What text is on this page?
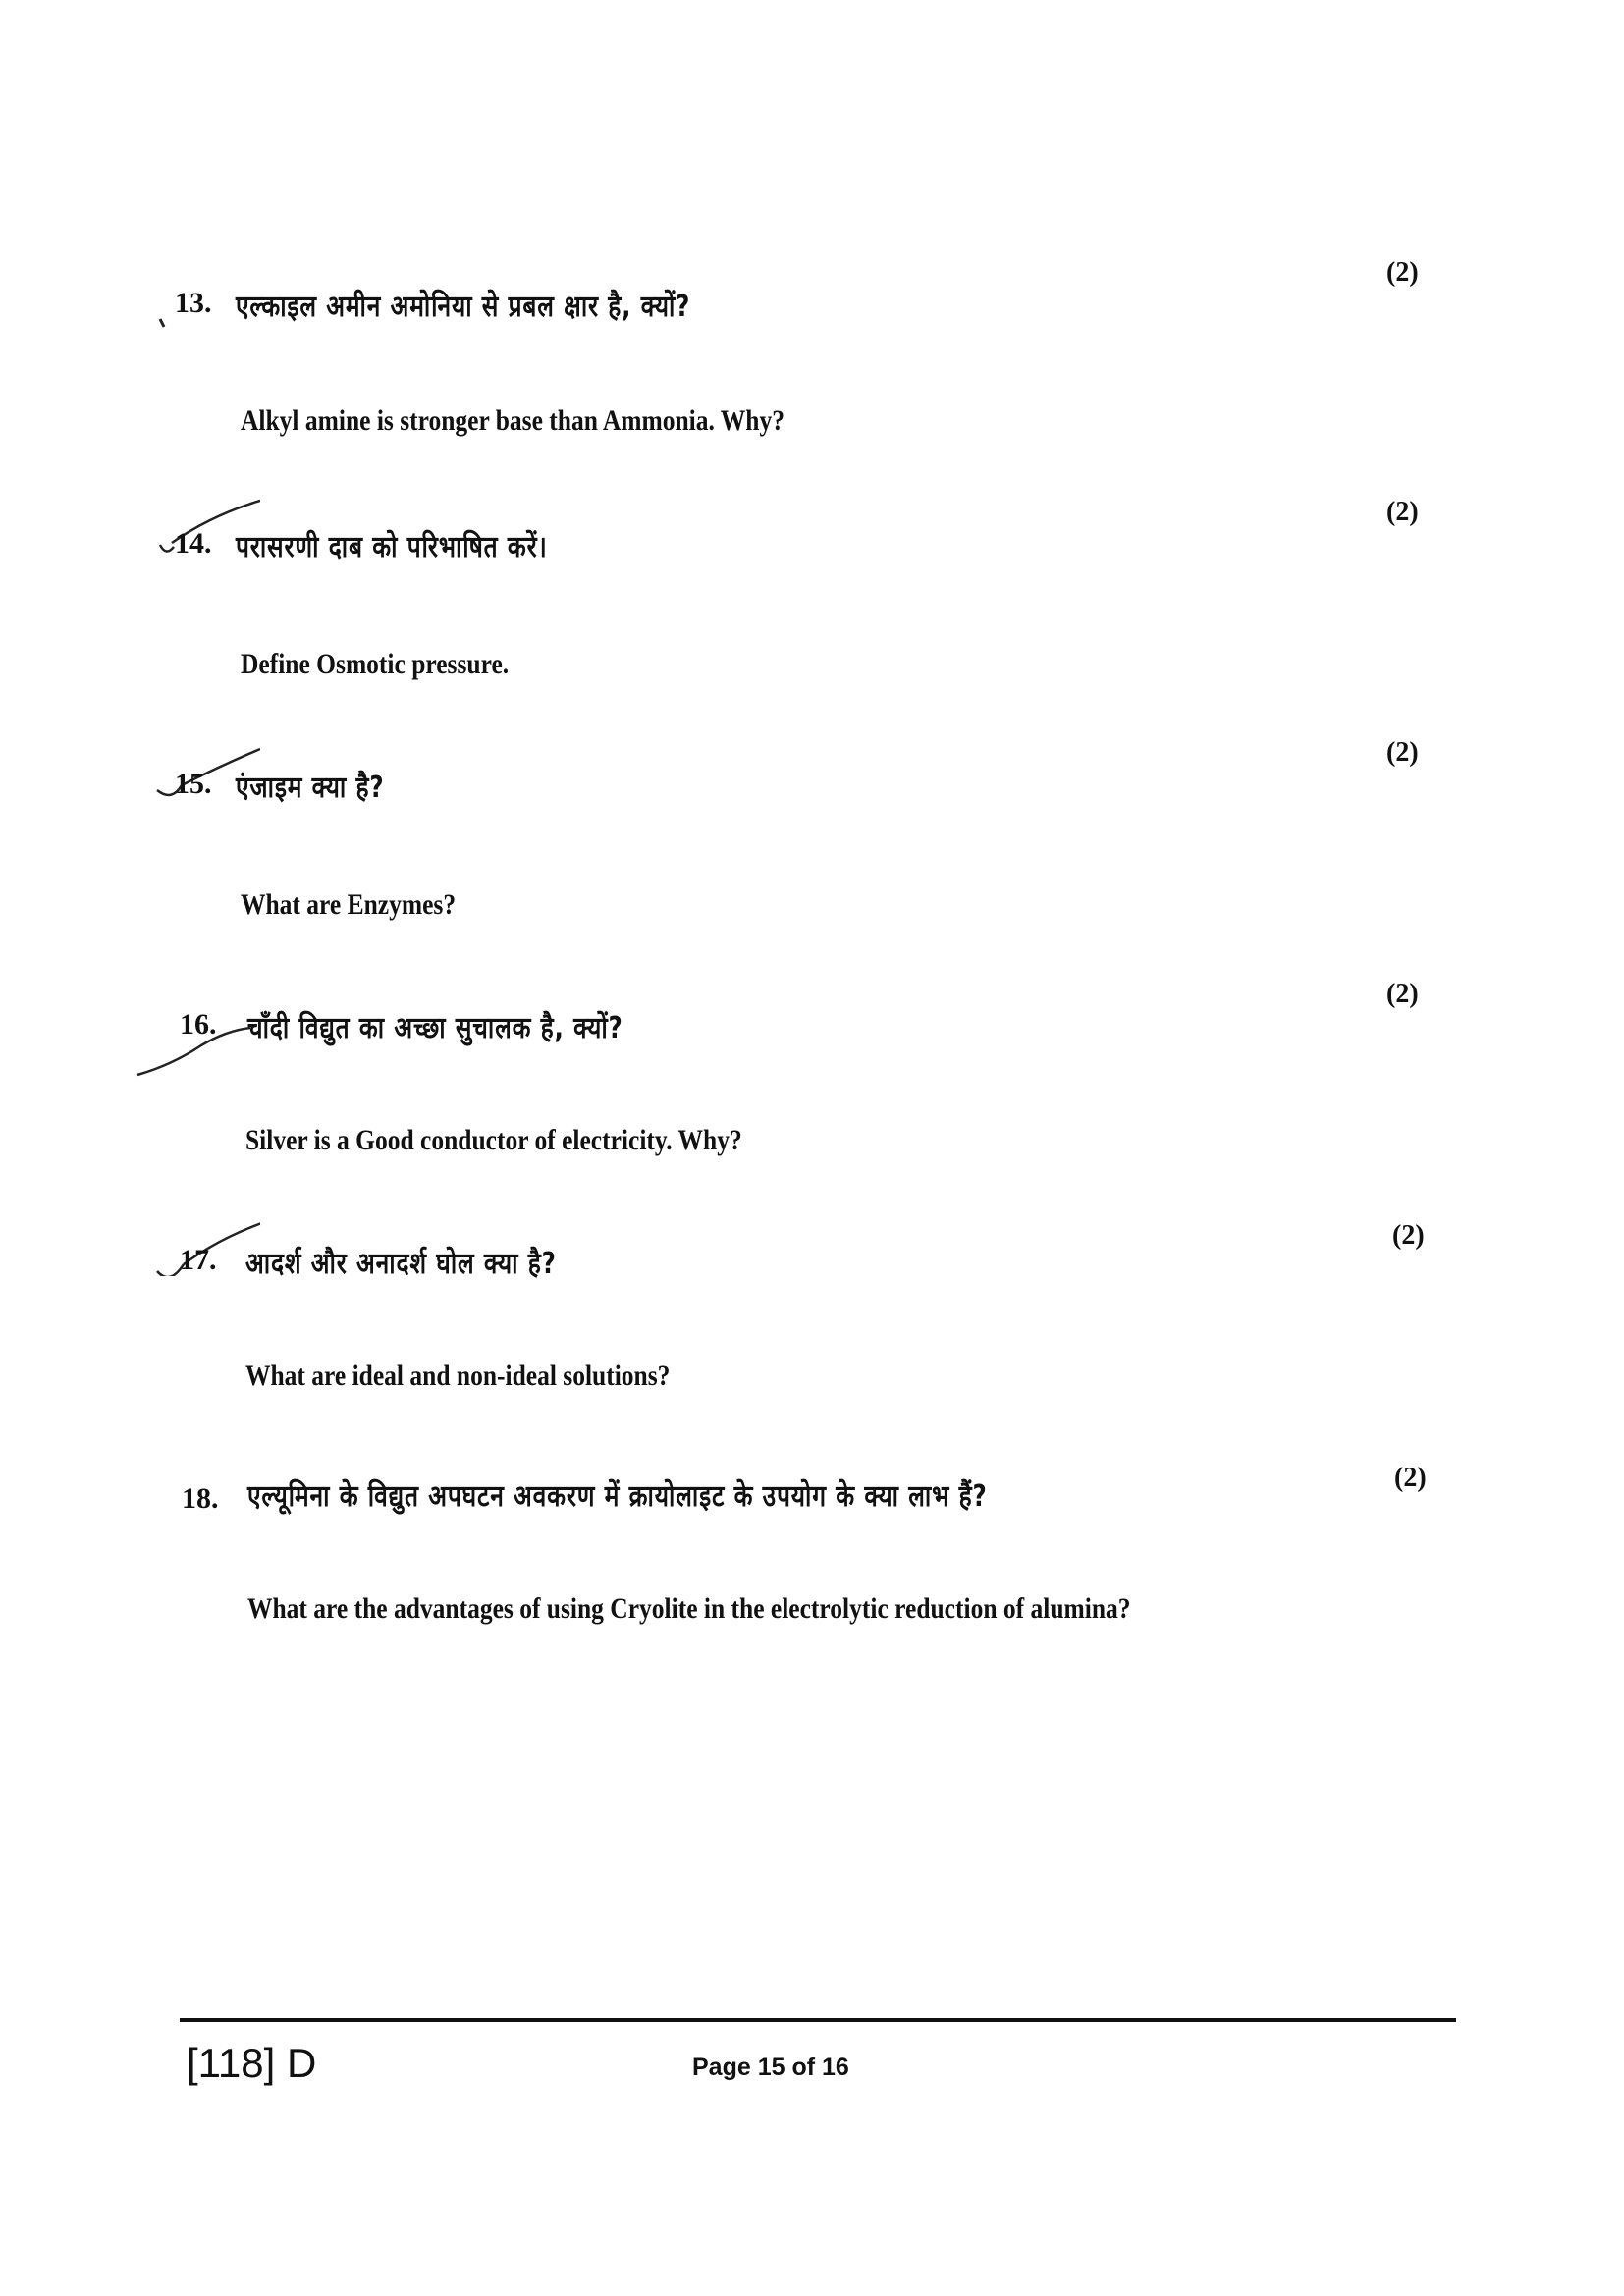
13. एल्काइल अमीन अमोनिया से प्रबल क्षार है, क्यों?
(2)
Alkyl amine is stronger base than Ammonia. Why?
14. परासरणी दाब को परिभाषित करें।
(2)
Define Osmotic pressure.
15. एंजाइम क्या है?
(2)
What are Enzymes?
16. चाँदी विद्युत का अच्छा सुचालक है, क्यों?
(2)
Silver is a Good conductor of electricity. Why?
17. आदर्श और अनादर्श घोल क्या है?
(2)
What are ideal and non-ideal solutions?
18. एल्यूमिना के विद्युत अपघटन अवकरण में क्रायोलाइट के उपयोग के क्या लाभ हैं?
(2)
What are the advantages of using Cryolite in the electrolytic reduction of alumina?
[118] D	Page 15 of 16
